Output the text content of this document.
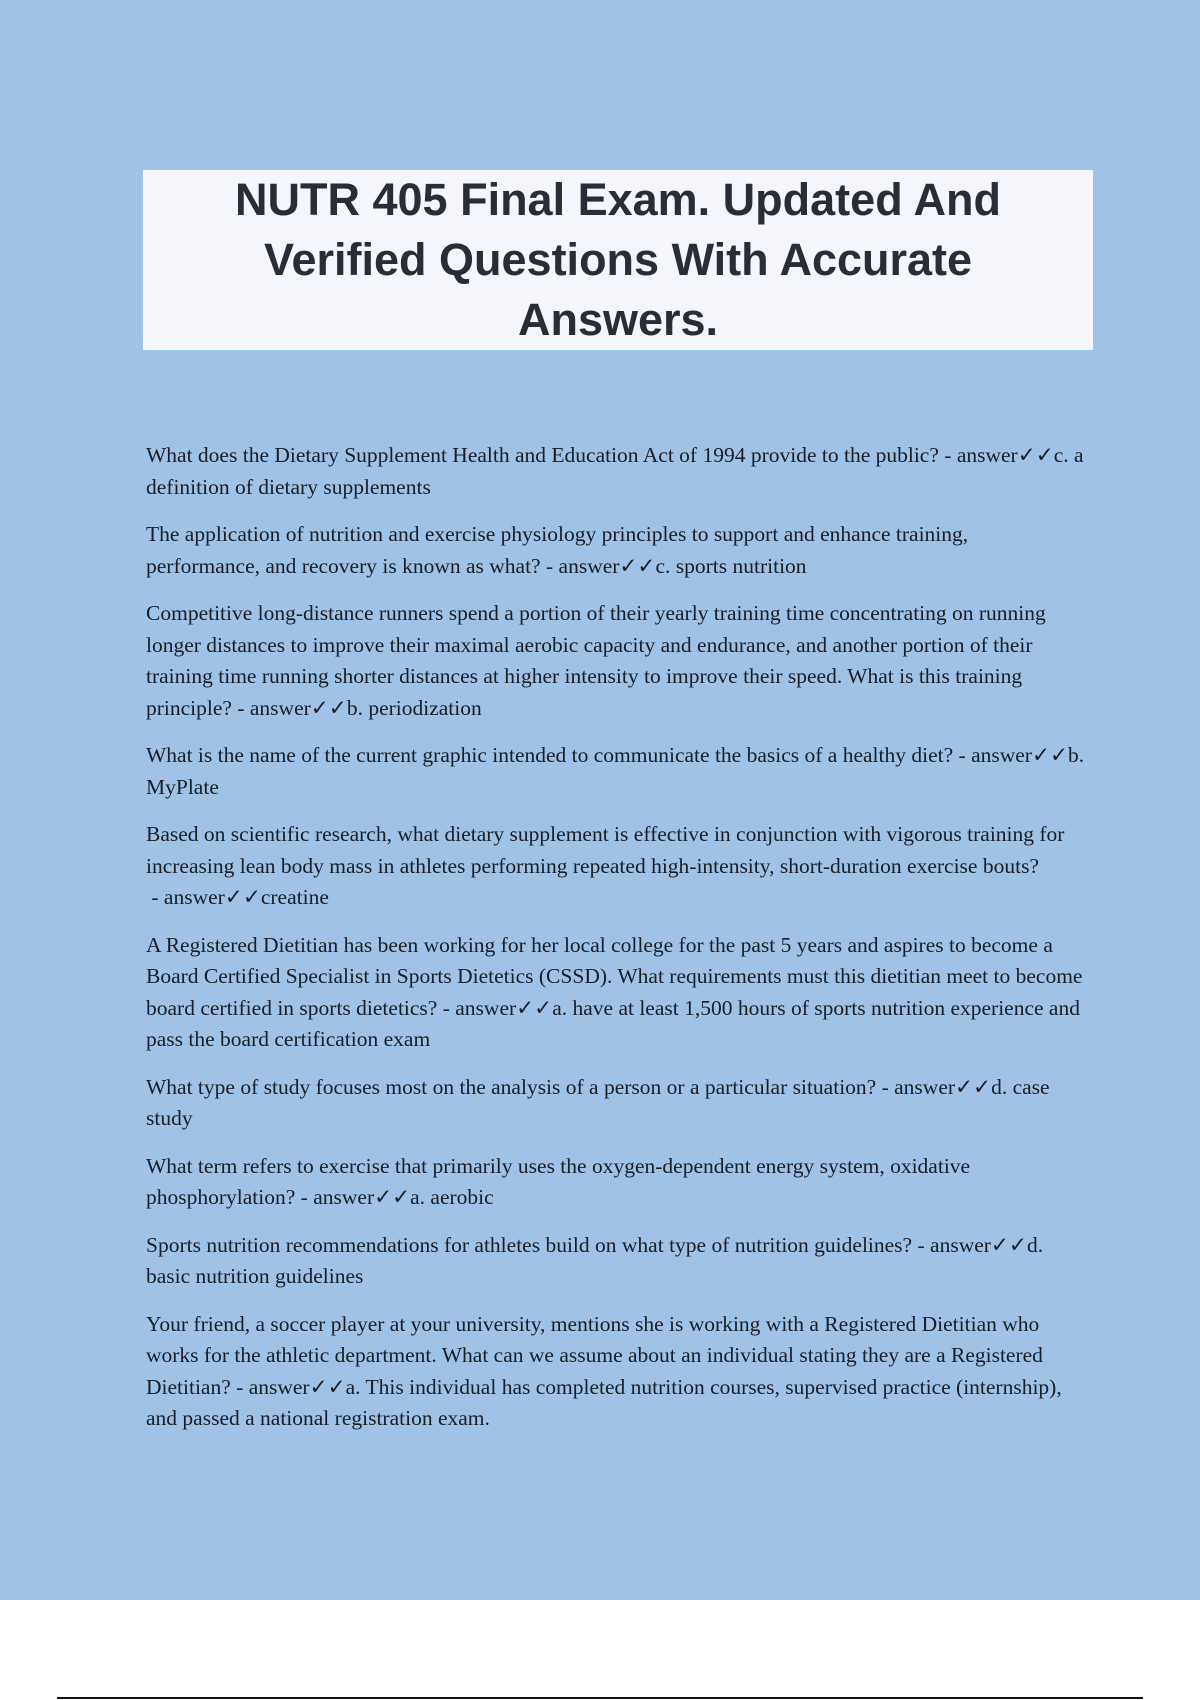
NUTR 405 Final Exam. Updated And Verified Questions With Accurate Answers.

What does the Dietary Supplement Health and Education Act of 1994 provide to the public? - answer✓✓c. a definition of dietary supplements

The application of nutrition and exercise physiology principles to support and enhance training, performance, and recovery is known as what? - answer✓✓c. sports nutrition

Competitive long-distance runners spend a portion of their yearly training time concentrating on running longer distances to improve their maximal aerobic capacity and endurance, and another portion of their training time running shorter distances at higher intensity to improve their speed. What is this training principle? - answer✓✓b. periodization

What is the name of the current graphic intended to communicate the basics of a healthy diet? - answer✓✓b. MyPlate

Based on scientific research, what dietary supplement is effective in conjunction with vigorous training for increasing lean body mass in athletes performing repeated high-intensity, short-duration exercise bouts? - answer✓✓creatine

A Registered Dietitian has been working for her local college for the past 5 years and aspires to become a Board Certified Specialist in Sports Dietetics (CSSD). What requirements must this dietitian meet to become board certified in sports dietetics? - answer✓✓a. have at least 1,500 hours of sports nutrition experience and pass the board certification exam

What type of study focuses most on the analysis of a person or a particular situation? - answer✓✓d. case study

What term refers to exercise that primarily uses the oxygen-dependent energy system, oxidative phosphorylation? - answer✓✓a. aerobic

Sports nutrition recommendations for athletes build on what type of nutrition guidelines? - answer✓✓d. basic nutrition guidelines

Your friend, a soccer player at your university, mentions she is working with a Registered Dietitian who works for the athletic department. What can we assume about an individual stating they are a Registered Dietitian? - answer✓✓a. This individual has completed nutrition courses, supervised practice (internship), and passed a national registration exam.
